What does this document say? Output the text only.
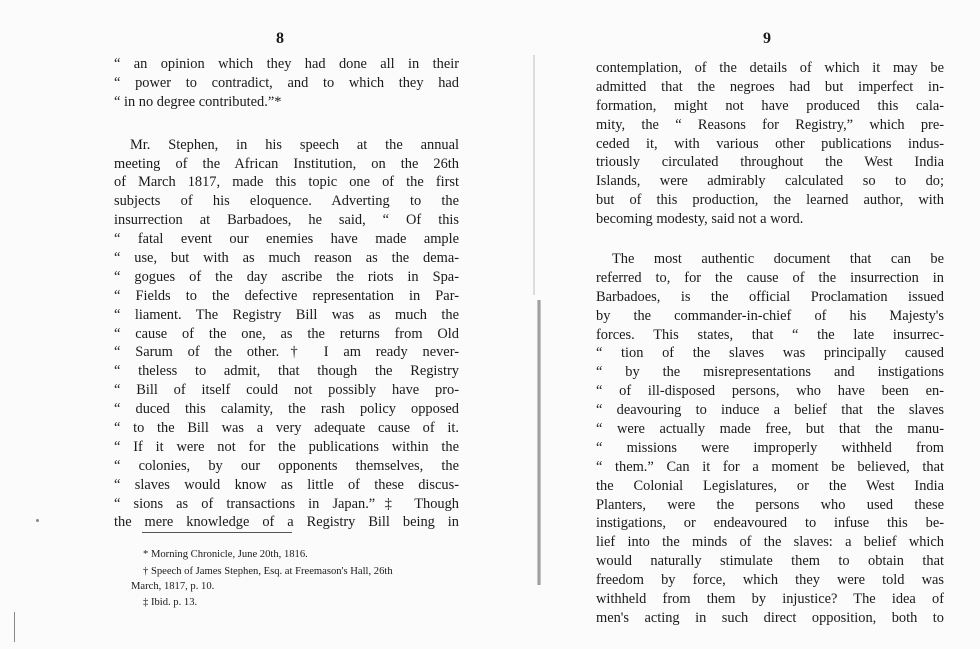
8
“ an opinion which they had done all in their
“ power to contradict, and to which they had
“ in no degree contributed.”*
Mr. Stephen, in his speech at the annual
meeting of the African Institution, on the 26th
of March 1817, made this topic one of the first
subjects of his eloquence. Adverting to the
insurrection at Barbadoes, he said, “ Of this
“ fatal event our enemies have made ample
“ use, but with as much reason as the dema-
“ gogues of the day ascribe the riots in Spa-
“ Fields to the defective representation in Par-
“ liament. The Registry Bill was as much the
“ cause of the one, as the returns from Old
“ Sarum of the other.† I am ready never-
“ theless to admit, that though the Registry
“ Bill of itself could not possibly have pro-
“ duced this calamity, the rash policy opposed
“ to the Bill was a very adequate cause of it.
“ If it were not for the publications within the
“ colonies, by our opponents themselves, the
“ slaves would know as little of these discus-
“ sions as of transactions in Japan.”‡ Though
the mere knowledge of a Registry Bill being in
* Morning Chronicle, June 20th, 1816.
† Speech of James Stephen, Esq. at Freemason's Hall, 26th
March, 1817, p. 10.
‡ Ibid. p. 13.
9
contemplation, of the details of which it may be
admitted that the negroes had but imperfect in-
formation, might not have produced this cala-
mity, the “ Reasons for Registry,” which pre-
ceded it, with various other publications indus-
triously circulated throughout the West India
Islands, were admirably calculated so to do;
but of this production, the learned author, with
becoming modesty, said not a word.
The most authentic document that can be
referred to, for the cause of the insurrection in
Barbadoes, is the official Proclamation issued
by the commander-in-chief of his Majesty's
forces. This states, that “ the late insurrec-
“ tion of the slaves was principally caused
“ by the misrepresentations and instigations
“ of ill-disposed persons, who have been en-
“ deavouring to induce a belief that the slaves
“ were actually made free, but that the manu-
“ missions were improperly withheld from
“ them.” Can it for a moment be believed, that
the Colonial Legislatures, or the West India
Planters, were the persons who used these
instigations, or endeavoured to infuse this be-
lief into the minds of the slaves: a belief which
would naturally stimulate them to obtain that
freedom by force, which they were told was
withheld from them by injustice? The idea of
men's acting in such direct opposition, both to
